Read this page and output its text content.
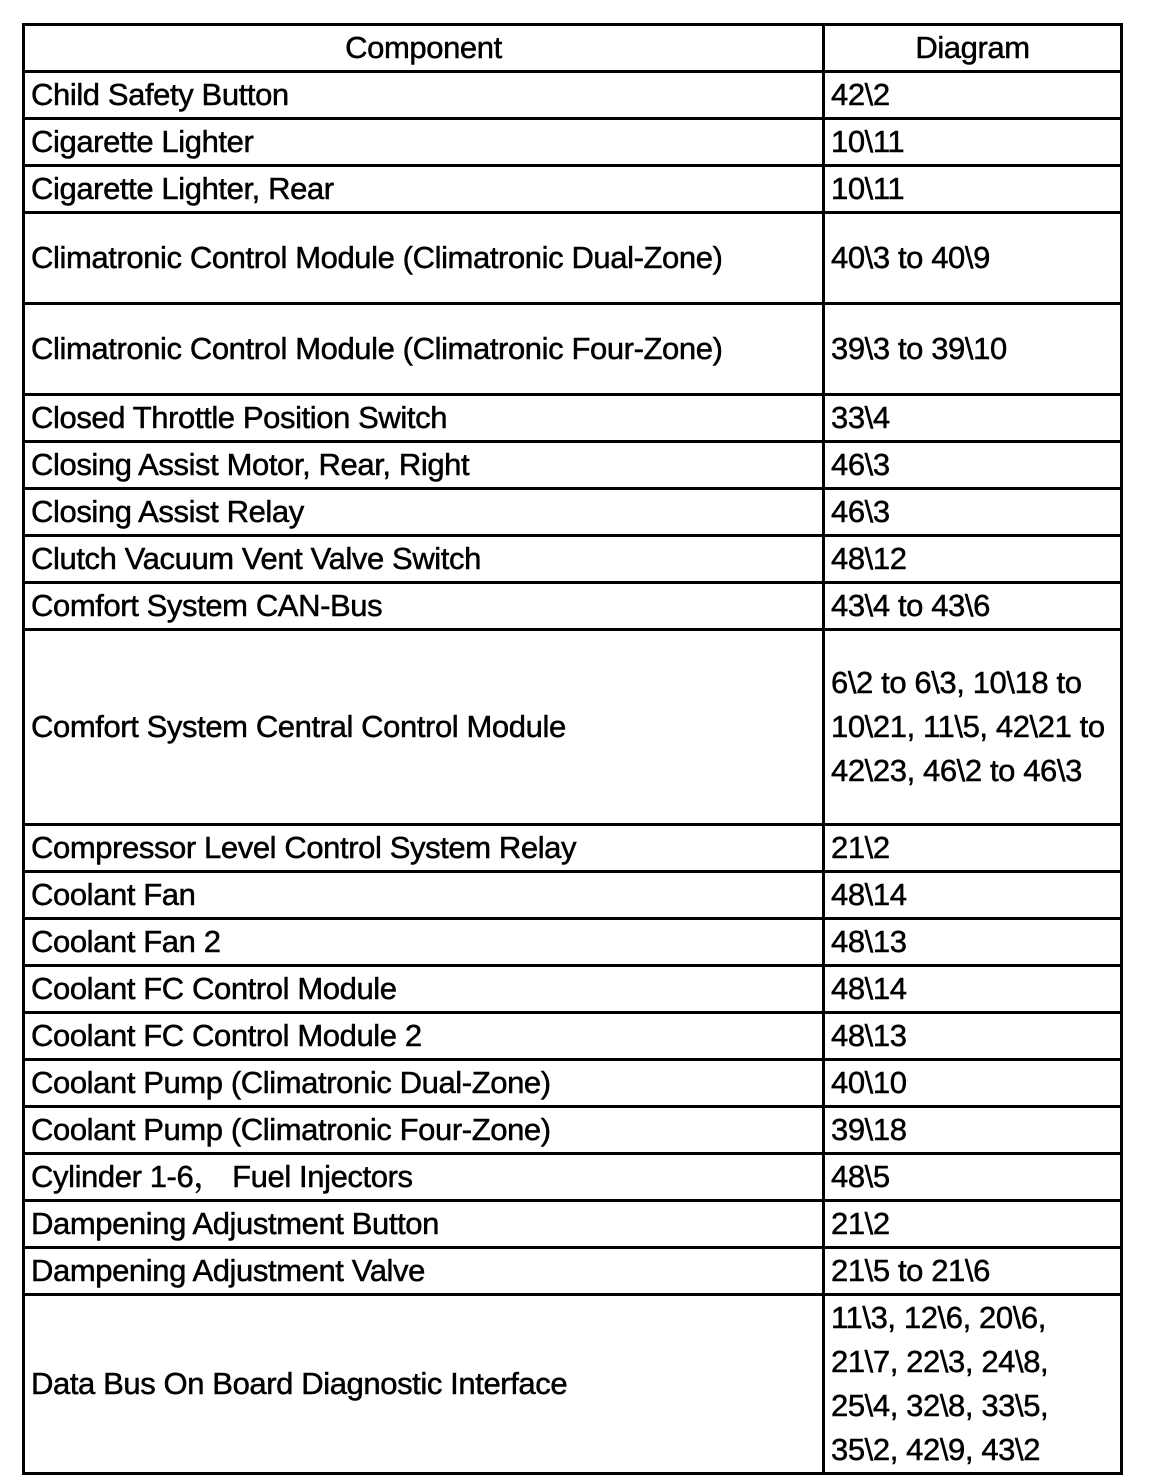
Component	Diagram
Child Safety Button	42\2
Cigarette Lighter	10\11
Cigarette Lighter, Rear	10\11
Climatronic Control Module (Climatronic Dual-Zone)	40\3 to 40\9
Climatronic Control Module (Climatronic Four-Zone)	39\3 to 39\10
Closed Throttle Position Switch	33\4
Closing Assist Motor, Rear, Right	46\3
Closing Assist Relay	46\3
Clutch Vacuum Vent Valve Switch	48\12
Comfort System CAN-Bus	43\4 to 43\6
Comfort System Central Control Module	6\2 to 6\3, 10\18 to
10\21, 11\5, 42\21 to
42\23, 46\2 to 46\3
Compressor Level Control System Relay	21\2
Coolant Fan	48\14
Coolant Fan 2	48\13
Coolant FC Control Module	48\14
Coolant FC Control Module 2	48\13
Coolant Pump (Climatronic Dual-Zone)	40\10
Coolant Pump (Climatronic Four-Zone)	39\18
Cylinder 1-6， Fuel Injectors	48\5
Dampening Adjustment Button	21\2
Dampening Adjustment Valve	21\5 to 21\6
Data Bus On Board Diagnostic Interface	11\3, 12\6, 20\6,
21\7, 22\3, 24\8,
25\4, 32\8, 33\5,
35\2, 42\9, 43\2
